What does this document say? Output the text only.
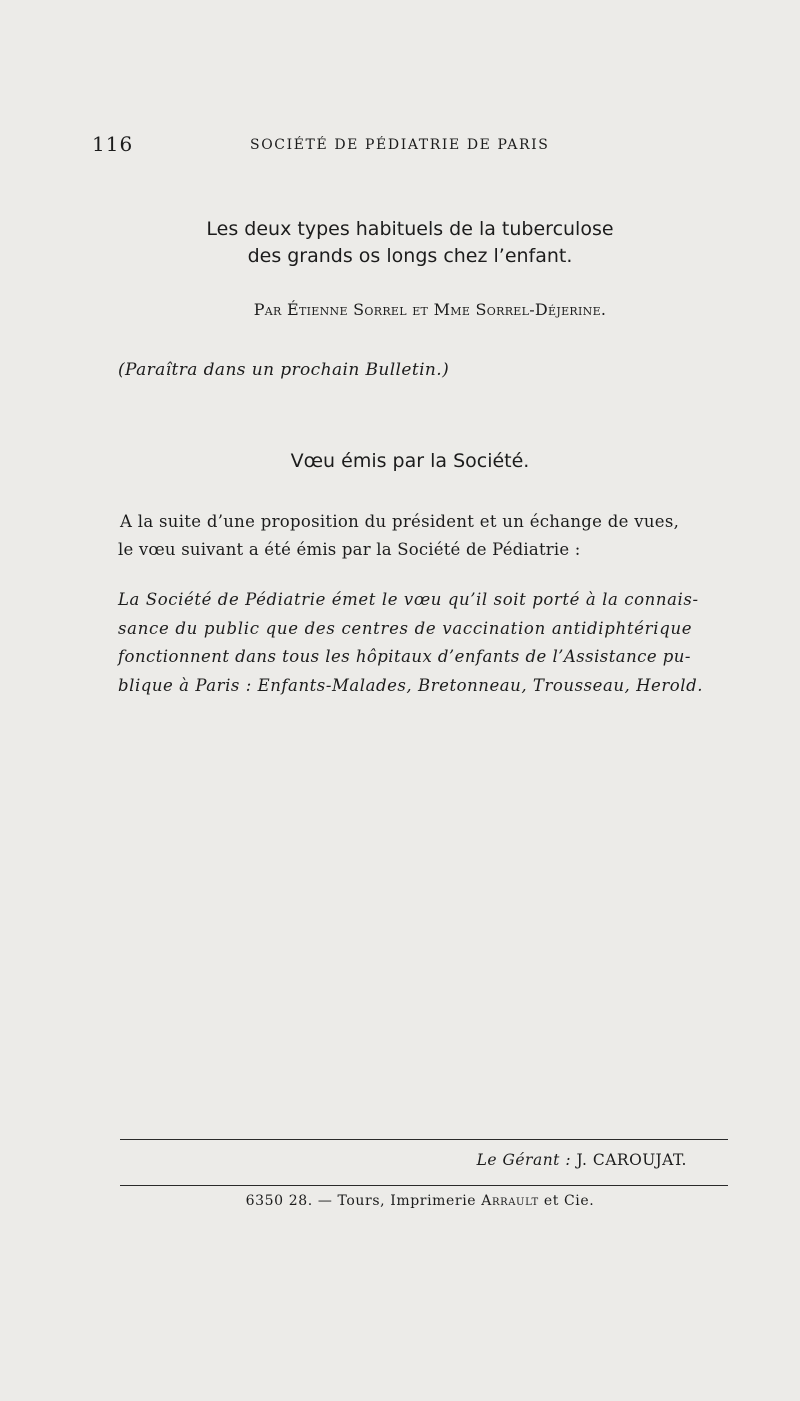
116	SOCIÉTÉ DE PÉDIATRIE DE PARIS
Les deux types habituels de la tuberculose
des grands os longs chez l’enfant.
Par Étienne Sorrel et Mme Sorrel-Déjerine.
(Paraîtra dans un prochain Bulletin.)
Vœu émis par la Société.
A la suite d’une proposition du président et un échange de vues,
le vœu suivant a été émis par la Société de Pédiatrie :
La Société de Pédiatrie émet le vœu qu’il soit porté à la connais-
sance du public que des centres de vaccination antidiphtérique
fonctionnent dans tous les hôpitaux d’enfants de l’Assistance pu-
blique à Paris : Enfants-Malades, Bretonneau, Trousseau, Herold.
Le Gérant : J. CAROUJAT.
6350 28. — Tours, Imprimerie Arrault et Cie.
